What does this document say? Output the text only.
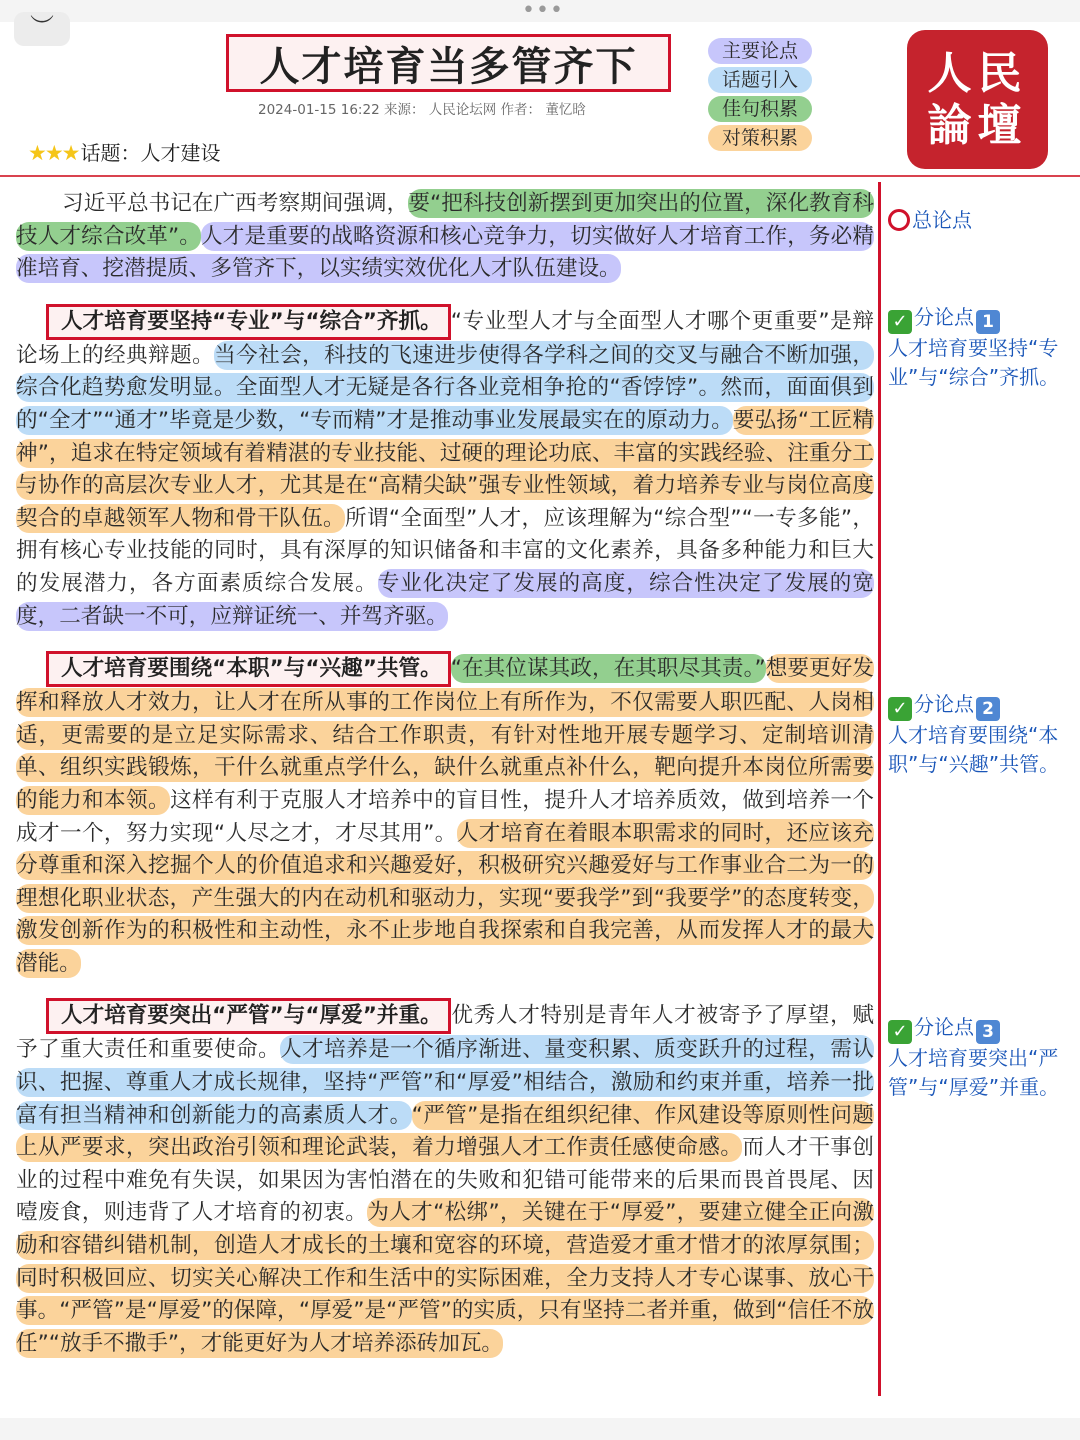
•••
︶
人才培育当多管齐下
2024-01-15 16:22 来源： 人民论坛网 作者： 董忆晗
★★★ 话题：人才建设
主要论点
话题引入
佳句积累
对策积累
人民
論壇

习近平总书记在广西考察期间强调，要“把科技创新摆到更加突出的位置，深化教育科技人才综合改革”。人才是重要的战略资源和核心竞争力，切实做好人才培育工作，务必精准培育、挖潜提质、多管齐下，以实绩实效优化人才队伍建设。

人才培育要坚持“专业”与“综合”齐抓。 “专业型人才与全面型人才哪个更重要”是辩论场上的经典辩题。当今社会，科技的飞速进步使得各学科之间的交叉与融合不断加强，综合化趋势愈发明显。全面型人才无疑是各行各业竞相争抢的“香饽饽”。然而，面面俱到的“全才”“通才”毕竟是少数，“专而精”才是推动事业发展最实在的原动力。要弘扬“工匠精神”，追求在特定领域有着精湛的专业技能、过硬的理论功底、丰富的实践经验、注重分工与协作的高层次专业人才，尤其是在“高精尖缺”强专业性领域，着力培养专业与岗位高度契合的卓越领军人物和骨干队伍。所谓“全面型”人才，应该理解为“综合型”“一专多能”，拥有核心专业技能的同时，具有深厚的知识储备和丰富的文化素养，具备多种能力和巨大的发展潜力，各方面素质综合发展。专业化决定了发展的高度，综合性决定了发展的宽度，二者缺一不可，应辩证统一、并驾齐驱。

人才培育要围绕“本职”与“兴趣”共管。 “在其位谋其政，在其职尽其责。”想要更好发挥和释放人才效力，让人才在所从事的工作岗位上有所作为，不仅需要人职匹配、人岗相适，更需要的是立足实际需求、结合工作职责，有针对性地开展专题学习、定制培训清单、组织实践锻炼，干什么就重点学什么，缺什么就重点补什么，靶向提升本岗位所需要的能力和本领。这样有利于克服人才培养中的盲目性，提升人才培养质效，做到培养一个成才一个，努力实现“人尽之才，才尽其用”。人才培育在着眼本职需求的同时，还应该充分尊重和深入挖掘个人的价值追求和兴趣爱好，积极研究兴趣爱好与工作事业合二为一的理想化职业状态，产生强大的内在动机和驱动力，实现“要我学”到“我要学”的态度转变，激发创新作为的积极性和主动性，永不止步地自我探索和自我完善，从而发挥人才的最大潜能。

人才培育要突出“严管”与“厚爱”并重。 优秀人才特别是青年人才被寄予了厚望，赋予了重大责任和重要使命。人才培养是一个循序渐进、量变积累、质变跃升的过程，需认识、把握、尊重人才成长规律，坚持“严管”和“厚爱”相结合，激励和约束并重，培养一批富有担当精神和创新能力的高素质人才。“严管”是指在组织纪律、作风建设等原则性问题上从严要求，突出政治引领和理论武装，着力增强人才工作责任感使命感。而人才干事创业的过程中难免有失误，如果因为害怕潜在的失败和犯错可能带来的后果而畏首畏尾、因噎废食，则违背了人才培育的初衷。为人才“松绑”，关键在于“厚爱”，要建立健全正向激励和容错纠错机制，创造人才成长的土壤和宽容的环境，营造爱才重才惜才的浓厚氛围；同时积极回应、切实关心解决工作和生活中的实际困难，全力支持人才专心谋事、放心干事。“严管”是“厚爱”的保障，“厚爱”是“严管”的实质，只有坚持二者并重，做到“信任不放任”“放手不撒手”，才能更好为人才培养添砖加瓦。

总论点
✓ 分论点 1
人才培育要坚持“专业”与“综合”齐抓。
✓ 分论点 2
人才培育要围绕“本职”与“兴趣”共管。
✓ 分论点 3
人才培育要突出“严管”与“厚爱”并重。
